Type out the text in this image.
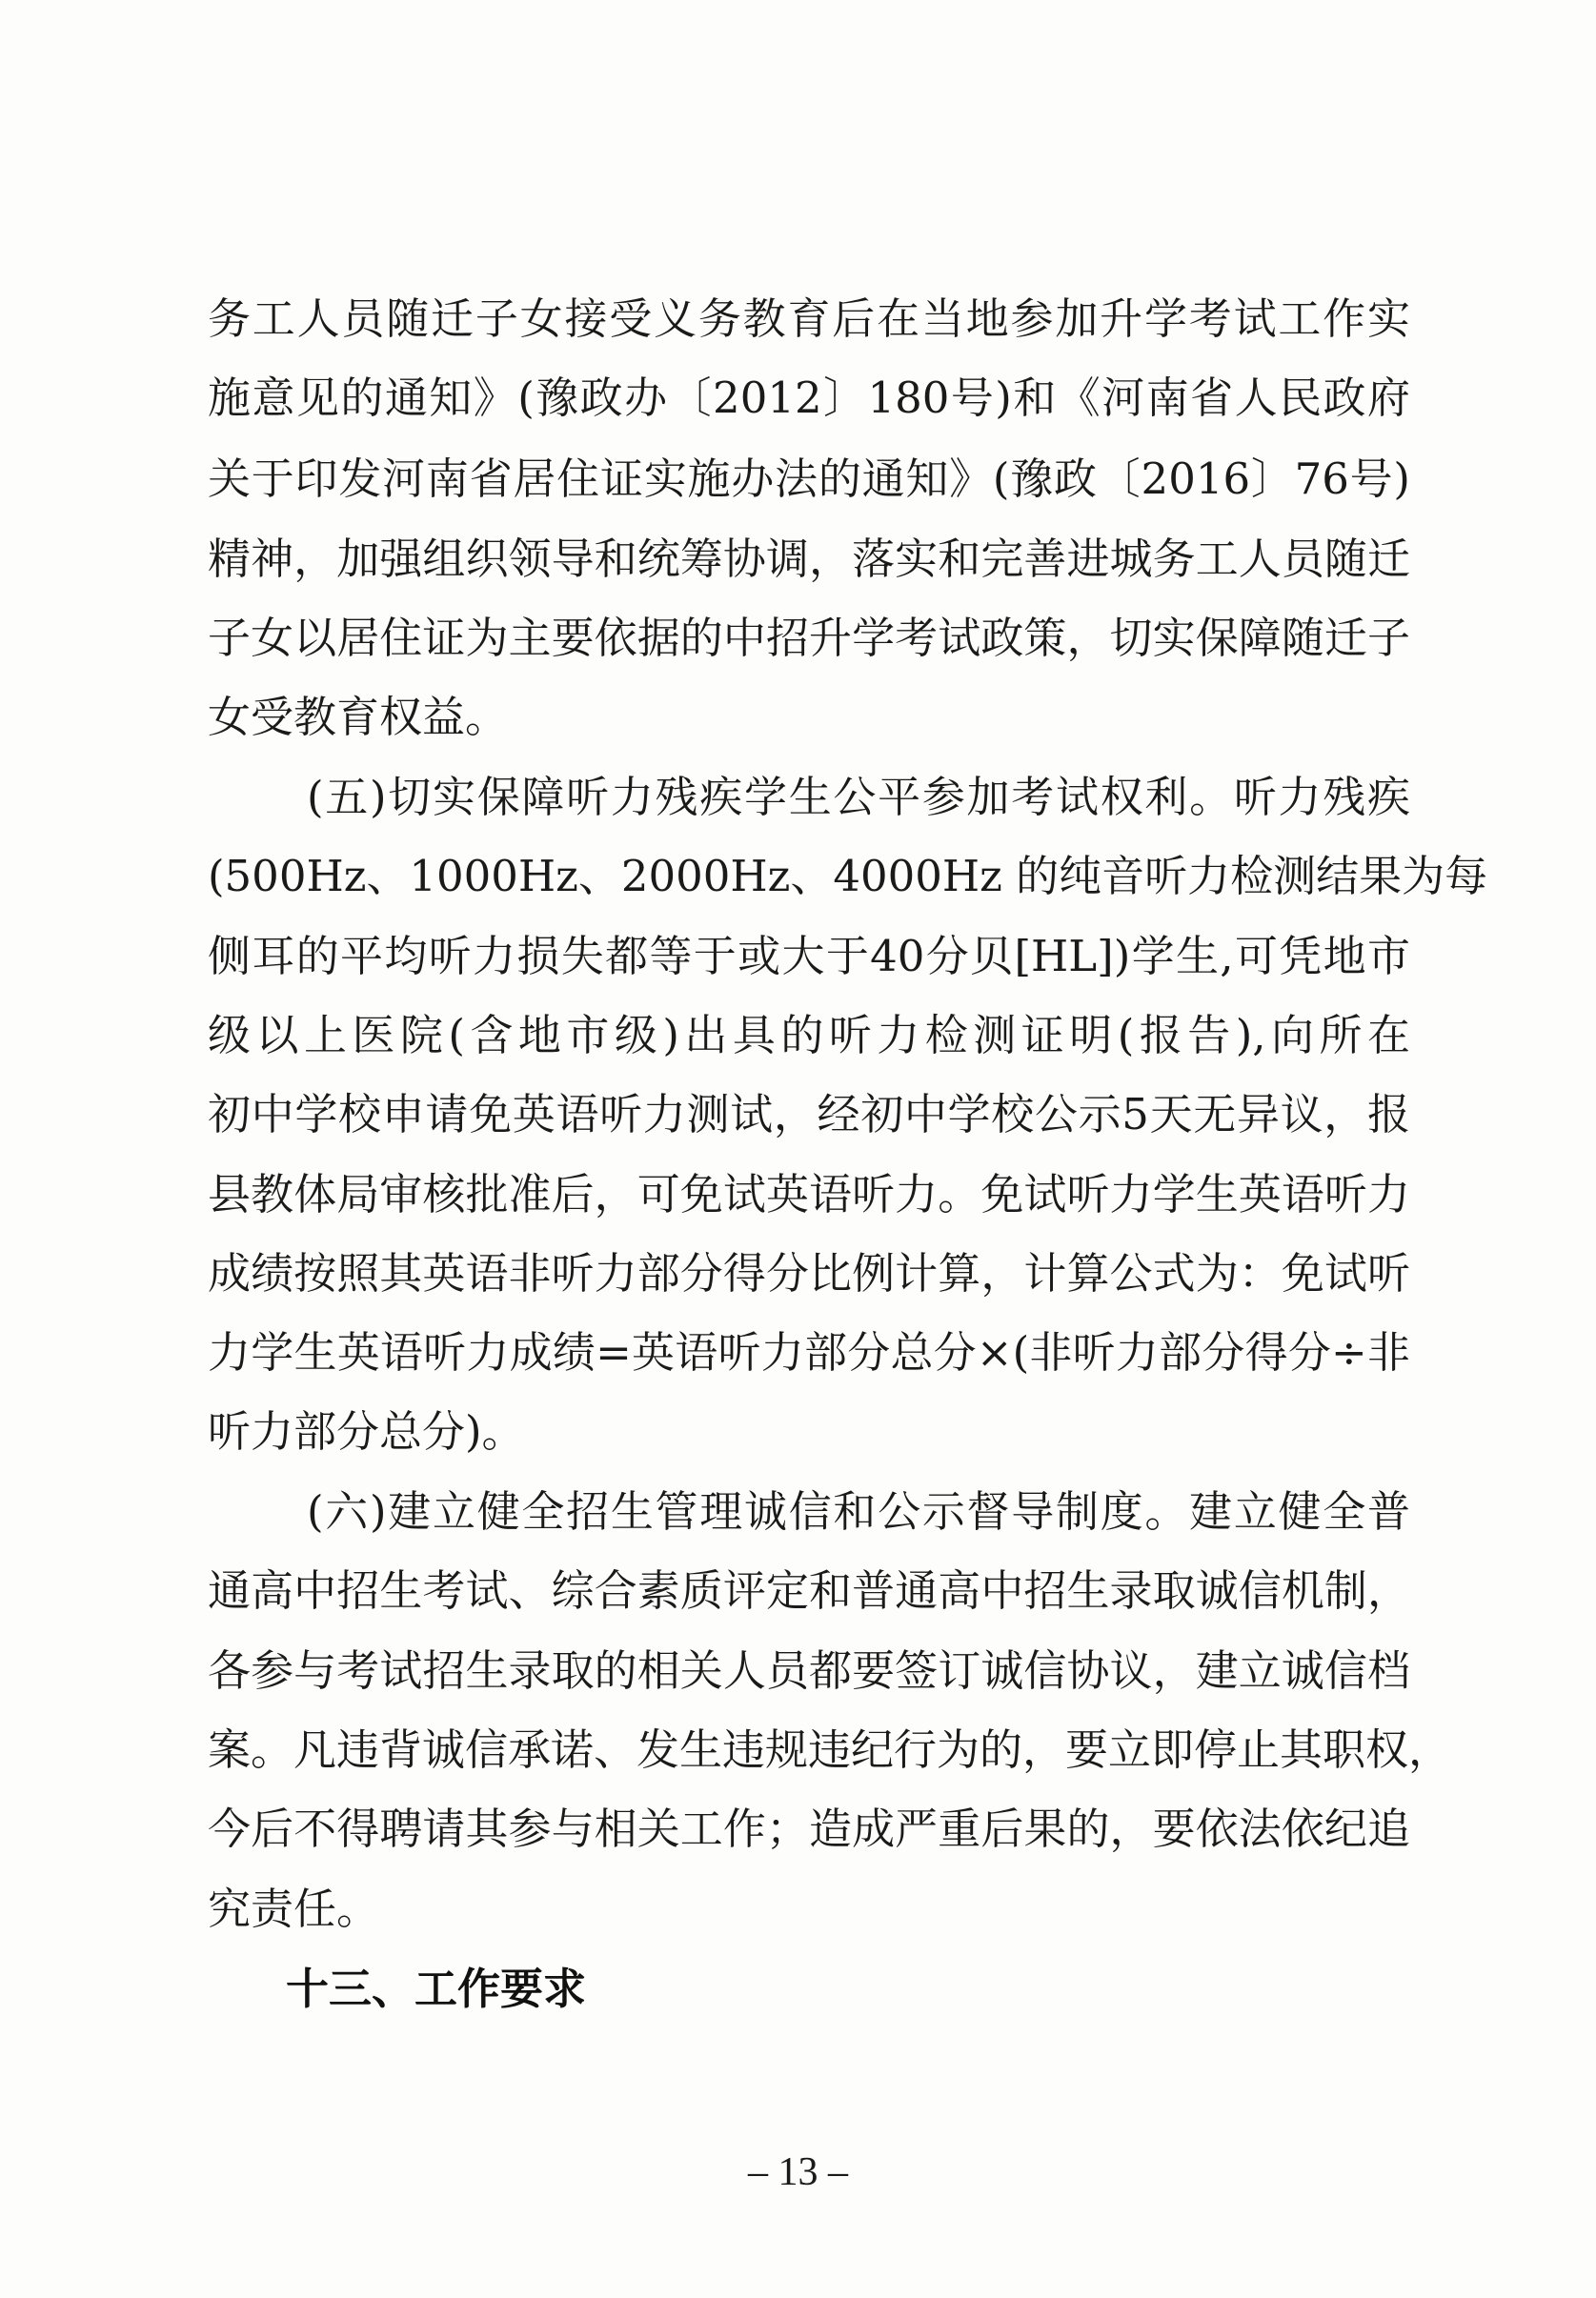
务工人员随迁子女接受义务教育后在当地参加升学考试工作实
施意见的通知》(豫政办〔2012〕180号)和《河南省人民政府
关于印发河南省居住证实施办法的通知》(豫政〔2016〕76号)
精神，加强组织领导和统筹协调，落实和完善进城务工人员随迁
子女以居住证为主要依据的中招升学考试政策，切实保障随迁子
女受教育权益。
(五)切实保障听力残疾学生公平参加考试权利。听力残疾
(500Hz、1000Hz、2000Hz、4000Hz 的纯音听力检测结果为每
侧耳的平均听力损失都等于或大于40分贝[HL])学生,可凭地市
级以上医院(含地市级)出具的听力检测证明(报告),向所在
初中学校申请免英语听力测试，经初中学校公示5天无异议，报
县教体局审核批准后，可免试英语听力。免试听力学生英语听力
成绩按照其英语非听力部分得分比例计算，计算公式为：免试听
力学生英语听力成绩=英语听力部分总分×(非听力部分得分÷非
听力部分总分)。
(六)建立健全招生管理诚信和公示督导制度。建立健全普
通高中招生考试、综合素质评定和普通高中招生录取诚信机制，
各参与考试招生录取的相关人员都要签订诚信协议，建立诚信档
案。凡违背诚信承诺、发生违规违纪行为的，要立即停止其职权，
今后不得聘请其参与相关工作；造成严重后果的，要依法依纪追
究责任。
十三、工作要求
– 13 –
